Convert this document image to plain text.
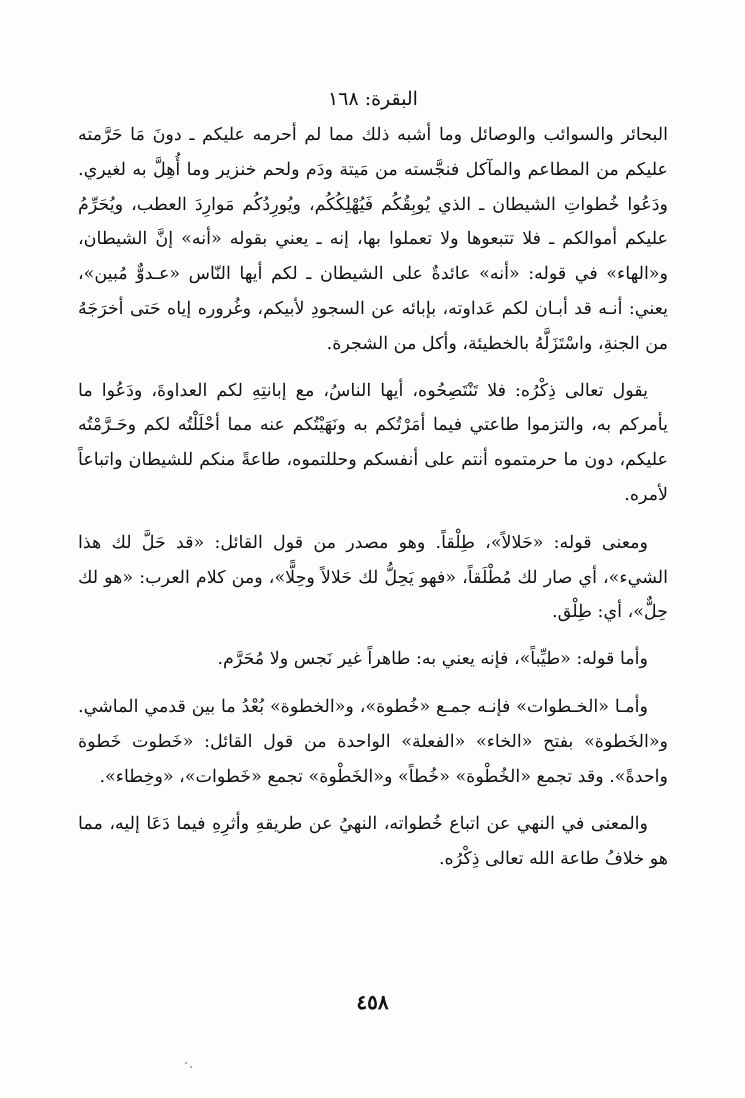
البقرة: ١٦٨

البحائر والسوائب والوصائل وما أشبه ذلك مما لم أحرمه عليكم ـ دونَ مَا حَرَّمته عليكم من المطاعم والمآكل فنجَّسته من مَيتة ودَم ولحم خنزير وما أُهِلَّ به لغيري. ودَعُوا خُطواتِ الشيطان ـ الذي يُوبِقُكُم فَيُهْلِكُكُم، ويُورِدُكُم مَوارِدَ العطب، ويُحَرِّمُ عليكم أموالكم ـ فلا تتبعوها ولا تعملوا بها، إنه ـ يعني بقوله «أنه» إنَّ الشيطان، و«الهاء» في قوله: «أنه» عائدةٌ على الشيطان ـ لكم أيها النّاس «عـدوٌّ مُبين»، يعني: أنـه قد أبـان لكم عَداوته، بإبائه عن السجودِ لأبيكم، وغُروره إياه حَتى أخرَجَهُ من الجنةِ، واسْتَزَلَّهُ بالخطيئة، وأكل من الشجرة.

يقول تعالى ذِكْرُه: فلا تَنْتَصِحُوه، أيها الناسُ، مع إبانتِهِ لكم العداوةَ، ودَعُوا ما يأمركم به، والتزموا طاعتي فيما أمَرْتُكم به ونَهَيْتُكم عنه مما أحْلَلْتُه لكم وحَـرَّمْتُه عليكم، دون ما حرمتموه أنتم على أنفسكم وحللتموه، طاعةً منكم للشيطان واتباعاً لأمره.

ومعنى قوله: «حَلالاً»، طِلْقاً. وهو مصدر من قول القائل: «قد حَلَّ لك هذا الشيء»، أي صار لك مُطْلَقاً، «فهو يَحِلُّ لك حَلالاً وحِلًّا»، ومن كلام العرب: «هو لك حِلٌّ»، أي: طِلْق.

وأما قوله: «طيِّباً»، فإنه يعني به: طاهراً غير نَجس ولا مُحَرَّم.

وأمـا «الخـطوات» فإنـه جمـع «خُطوة»، و«الخطوة» بُعْدُ ما بين قدمي الماشي. و«الخَطوة» بفتح «الخاء» «الفعلة» الواحدة من قول القائل: «خَطوت خَطوة واحدةً». وقد تجمع «الخُطْوة» «خُطاً» و«الخَطْوة» تجمع «خَطوات»، «وخِطاء».

والمعنى في النهي عن اتباع خُطواته، النهيُ عن طريقهِ وأثرِهِ فيما دَعَا إليه، مما هو خلافُ طاعة الله تعالى ذِكْرُه.

٤٥٨
